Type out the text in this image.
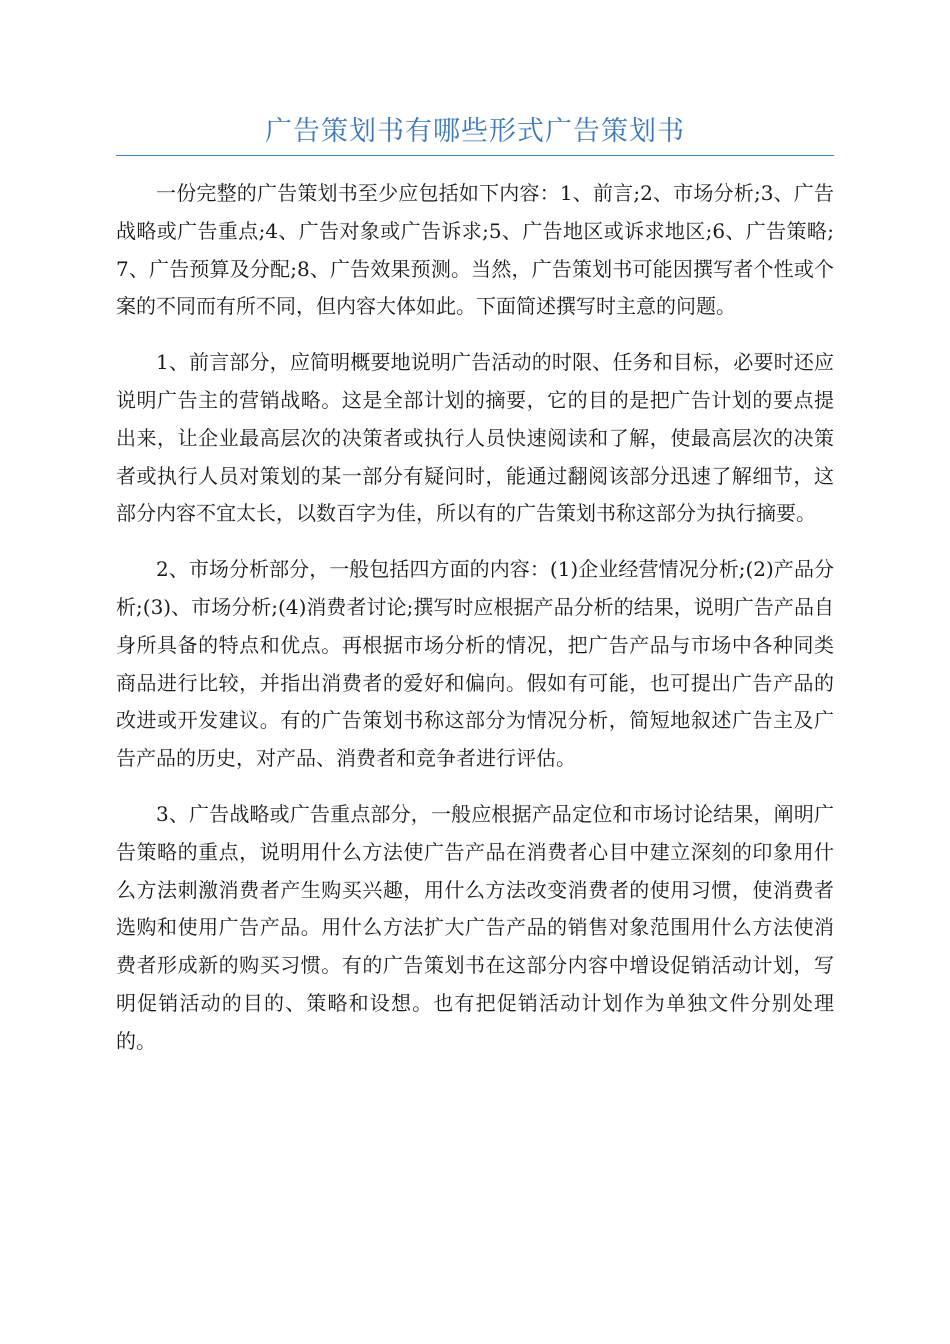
广告策划书有哪些形式广告策划书

一份完整的广告策划书至少应包括如下内容：1、前言;2、市场分析;3、广告战略或广告重点;4、广告对象或广告诉求;5、广告地区或诉求地区;6、广告策略;7、广告预算及分配;8、广告效果预测。当然，广告策划书可能因撰写者个性或个案的不同而有所不同，但内容大体如此。下面简述撰写时主意的问题。

1、前言部分，应简明概要地说明广告活动的时限、任务和目标，必要时还应说明广告主的营销战略。这是全部计划的摘要，它的目的是把广告计划的要点提出来，让企业最高层次的决策者或执行人员快速阅读和了解，使最高层次的决策者或执行人员对策划的某一部分有疑问时，能通过翻阅该部分迅速了解细节，这部分内容不宜太长，以数百字为佳，所以有的广告策划书称这部分为执行摘要。

2、市场分析部分，一般包括四方面的内容：(1)企业经营情况分析;(2)产品分析;(3)、市场分析;(4)消费者讨论;撰写时应根据产品分析的结果，说明广告产品自身所具备的特点和优点。再根据市场分析的情况，把广告产品与市场中各种同类商品进行比较，并指出消费者的爱好和偏向。假如有可能，也可提出广告产品的改进或开发建议。有的广告策划书称这部分为情况分析，简短地叙述广告主及广告产品的历史，对产品、消费者和竞争者进行评估。

3、广告战略或广告重点部分，一般应根据产品定位和市场讨论结果，阐明广告策略的重点，说明用什么方法使广告产品在消费者心目中建立深刻的印象用什么方法刺激消费者产生购买兴趣，用什么方法改变消费者的使用习惯，使消费者选购和使用广告产品。用什么方法扩大广告产品的销售对象范围用什么方法使消费者形成新的购买习惯。有的广告策划书在这部分内容中增设促销活动计划，写明促销活动的目的、策略和设想。也有把促销活动计划作为单独文件分别处理的。
